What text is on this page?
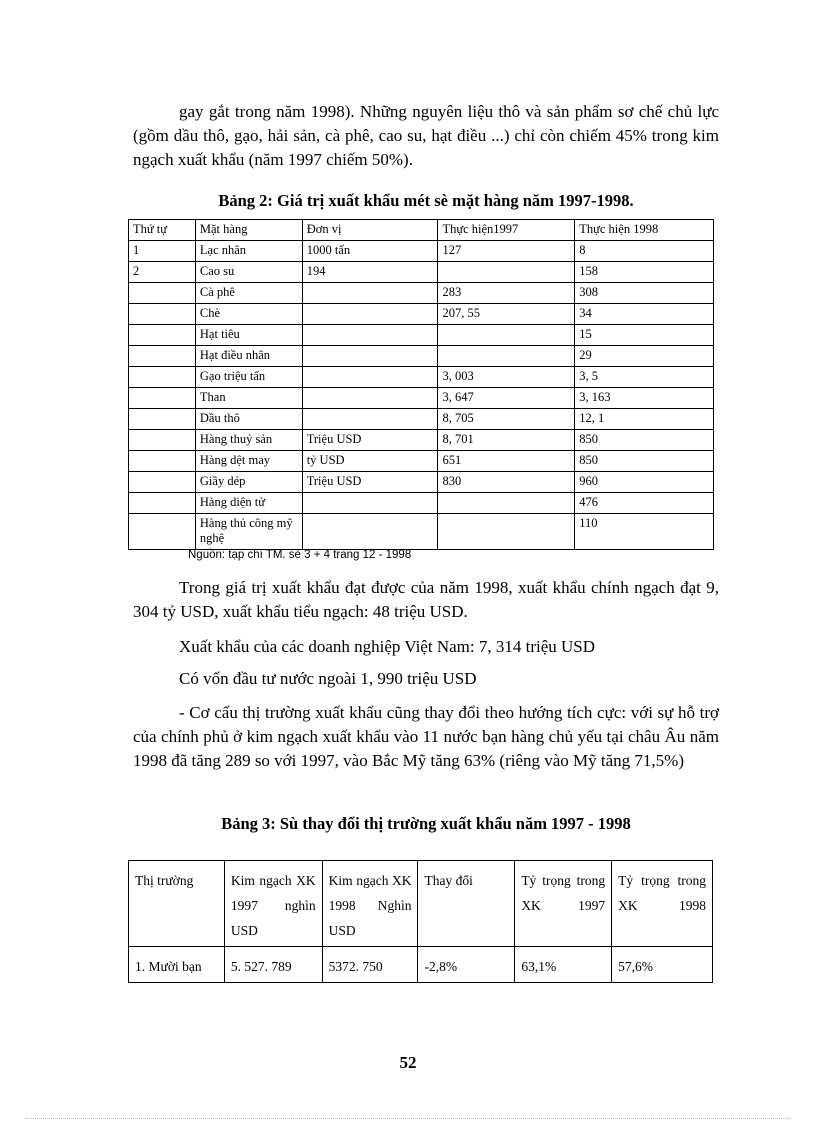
gay gắt trong năm 1998). Những nguyên liệu thô và sản phẩm sơ chế chủ lực (gồm dầu thô, gạo, hải sản, cà phê, cao su, hạt điều ...) chỉ còn chiếm 45% trong kim ngạch xuất khẩu (năm 1997 chiếm 50%).

Bảng 2: Giá trị xuất khẩu mét sè mặt hàng năm 1997-1998.

Thứ tự	Mặt hàng	Đơn vị	Thực hiện1997	Thực hiện 1998
1	Lạc nhân	1000 tấn	127	8
2	Cao su	194		158
	Cà phê		283	308
	Chè		207, 55	34
	Hạt tiêu			15
	Hạt điều nhân			29
	Gạo triệu tấn		3, 003	3, 5
	Than		3, 647	3, 163
	Dầu thô		8, 705	12, 1
	Hàng thuỷ sản	Triệu USD	8, 701	850
	Hàng dệt may	tỷ USD	651	850
	Giầy dép	Triệu USD	830	960
	Hàng diện tử			476
	Hàng thủ công mỹ nghệ			110
Nguồn: tạp chí TM. sè 3 + 4 trang 12 - 1998

Trong giá trị xuất khẩu đạt được của năm 1998, xuất khẩu chính ngạch đạt 9, 304 tỷ USD, xuất khẩu tiểu ngạch: 48 triệu USD.

Xuất khẩu của các doanh nghiệp Việt Nam: 7, 314 triệu USD

Có vốn đầu tư nước ngoài 1, 990 triệu USD

- Cơ cấu thị trường xuất khẩu cũng thay đổi theo hướng tích cực: với sự hỗ trợ của chính phủ ở kim ngạch xuất khẩu vào 11 nước bạn hàng chủ yếu tại châu Âu năm 1998 đã tăng 289 so với 1997, vào Bắc Mỹ tăng 63% (riêng vào Mỹ tăng 71,5%)

Bảng 3: Sù thay đổi thị trường xuất khẩu năm 1997 - 1998

Thị trường	Kim ngạch XK 1997 nghìn USD	Kim ngạch XK 1998 Nghìn USD	Thay đổi	Tỷ trọng trong XK 1997	Tỷ trọng trong XK 1998
1. Mười bạn	5. 527. 789	5372. 750	-2,8%	63,1%	57,6%
52
